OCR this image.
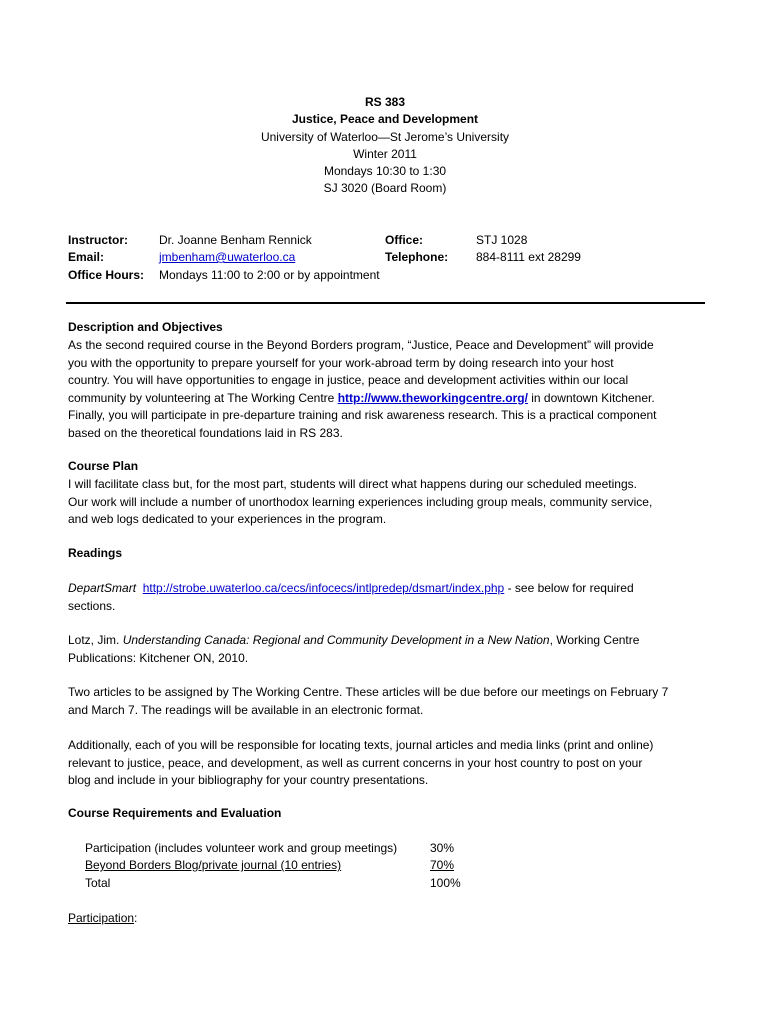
RS 383
Justice, Peace and Development
University of Waterloo—St Jerome’s University
Winter 2011
Mondays 10:30 to 1:30
SJ 3020 (Board Room)
Instructor:	Dr. Joanne Benham Rennick	Office:	STJ 1028
Email:	jmbenham@uwaterloo.ca	Telephone: 884-8111 ext 28299
Office Hours: Mondays 11:00 to 2:00 or by appointment
Description and Objectives
As the second required course in the Beyond Borders program, “Justice, Peace and Development” will provide
you with the opportunity to prepare yourself for your work-abroad term by doing research into your host
country. You will have opportunities to engage in justice, peace and development activities within our local
community by volunteering at The Working Centre http://www.theworkingcentre.org/ in downtown Kitchener.
Finally, you will participate in pre-departure training and risk awareness research. This is a practical component
based on the theoretical foundations laid in RS 283.
Course Plan
I will facilitate class but, for the most part, students will direct what happens during our scheduled meetings.
Our work will include a number of unorthodox learning experiences including group meals, community service,
and web logs dedicated to your experiences in the program.
Readings
DepartSmart http://strobe.uwaterloo.ca/cecs/infocecs/intlpredep/dsmart/index.php - see below for required
sections.
Lotz, Jim. Understanding Canada: Regional and Community Development in a New Nation, Working Centre
Publications: Kitchener ON, 2010.
Two articles to be assigned by The Working Centre. These articles will be due before our meetings on February 7
and March 7. The readings will be available in an electronic format.
Additionally, each of you will be responsible for locating texts, journal articles and media links (print and online)
relevant to justice, peace, and development, as well as current concerns in your host country to post on your
blog and include in your bibliography for your country presentations.
Course Requirements and Evaluation
Participation (includes volunteer work and group meetings)	30%
Beyond Borders Blog/private journal (10 entries)	70%
Total	100%
Participation:
